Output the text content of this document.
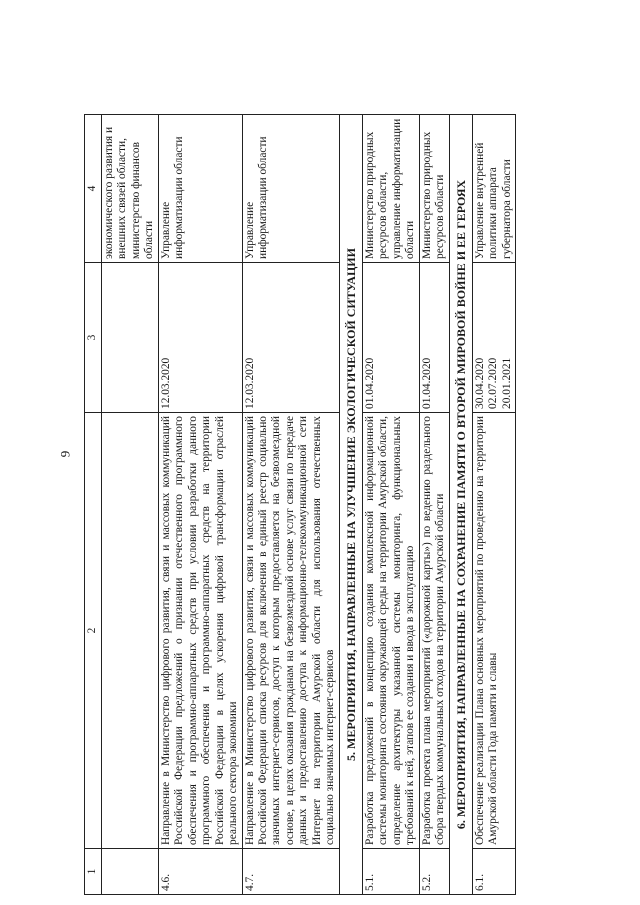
9
1	2	3	4
			экономического развития и внешних связей области, министерство финансов области
4.6.	Направление в Министерство цифрового развития, связи и массовых коммуникаций Российской Федерации предложений о признании отечественного программного обеспечения и программно-аппаратных средств при условии разработки данного программного обеспечения и программно-аппаратных средств на территории Российской Федерации в целях ускорения цифровой трансформации отраслей реального сектора экономики	12.03.2020	Управление информатизации области
4.7.	Направление в Министерство цифрового развития, связи и массовых коммуникаций Российской Федерации списка ресурсов для включения в единый реестр социально значимых интернет-сервисов, доступ к которым предоставляется на безвозмездной основе, в целях оказания гражданам на безвозмездной основе услуг связи по передаче данных и предоставлению доступа к информационно-телекоммуникационной сети Интернет на территории Амурской области для использования отечественных социально значимых интернет-сервисов	12.03.2020	Управление информатизации области
5. МЕРОПРИЯТИЯ, НАПРАВЛЕННЫЕ НА УЛУЧШЕНИЕ ЭКОЛОГИЧЕСКОЙ СИТУАЦИИ			
5.1.	Разработка предложений в концепцию создания комплексной информационной системы мониторинга состояния окружающей среды на территории Амурской области, определение архитектуры указанной системы мониторинга, функциональных требований к ней, этапов ее создания и ввода в эксплуатацию	01.04.2020	Министерство природных ресурсов области, управление информатизации области
5.2.	Разработка проекта плана мероприятий («дорожной карты») по ведению раздельного сбора твердых коммунальных отходов на территории Амурской области	01.04.2020	Министерство природных ресурсов области
6. МЕРОПРИЯТИЯ, НАПРАВЛЕННЫЕ НА СОХРАНЕНИЕ ПАМЯТИ О ВТОРОЙ МИРОВОЙ ВОЙНЕ И ЕЕ ГЕРОЯХ			
6.1.	Обеспечение реализации Плана основных мероприятий по проведению на территории Амурской области Года памяти и славы	30.04.2020 02.07.2020 20.01.2021	Управление внутренней политики аппарата губернатора области
